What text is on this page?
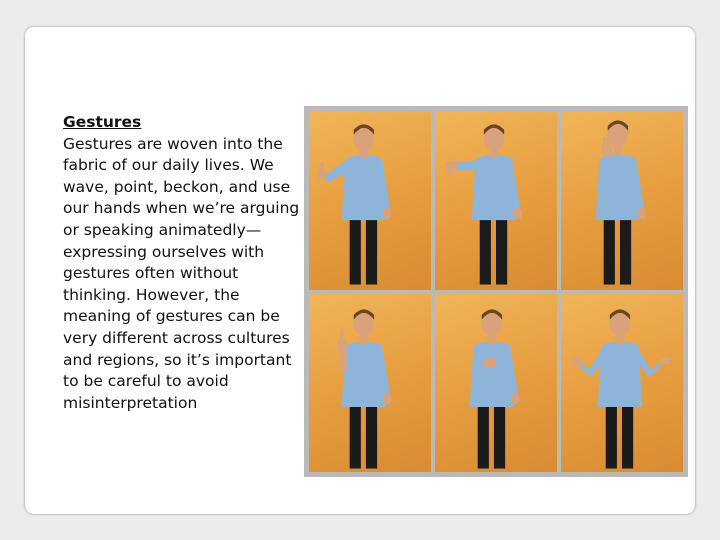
Gestures
Gestures are woven into the fabric of our daily lives. We wave, point, beckon, and use our hands when we’re arguing or speaking animatedly—expressing ourselves with gestures often without thinking. However, the meaning of gestures can be very different across cultures and regions, so it’s important to be careful to avoid misinterpretation
